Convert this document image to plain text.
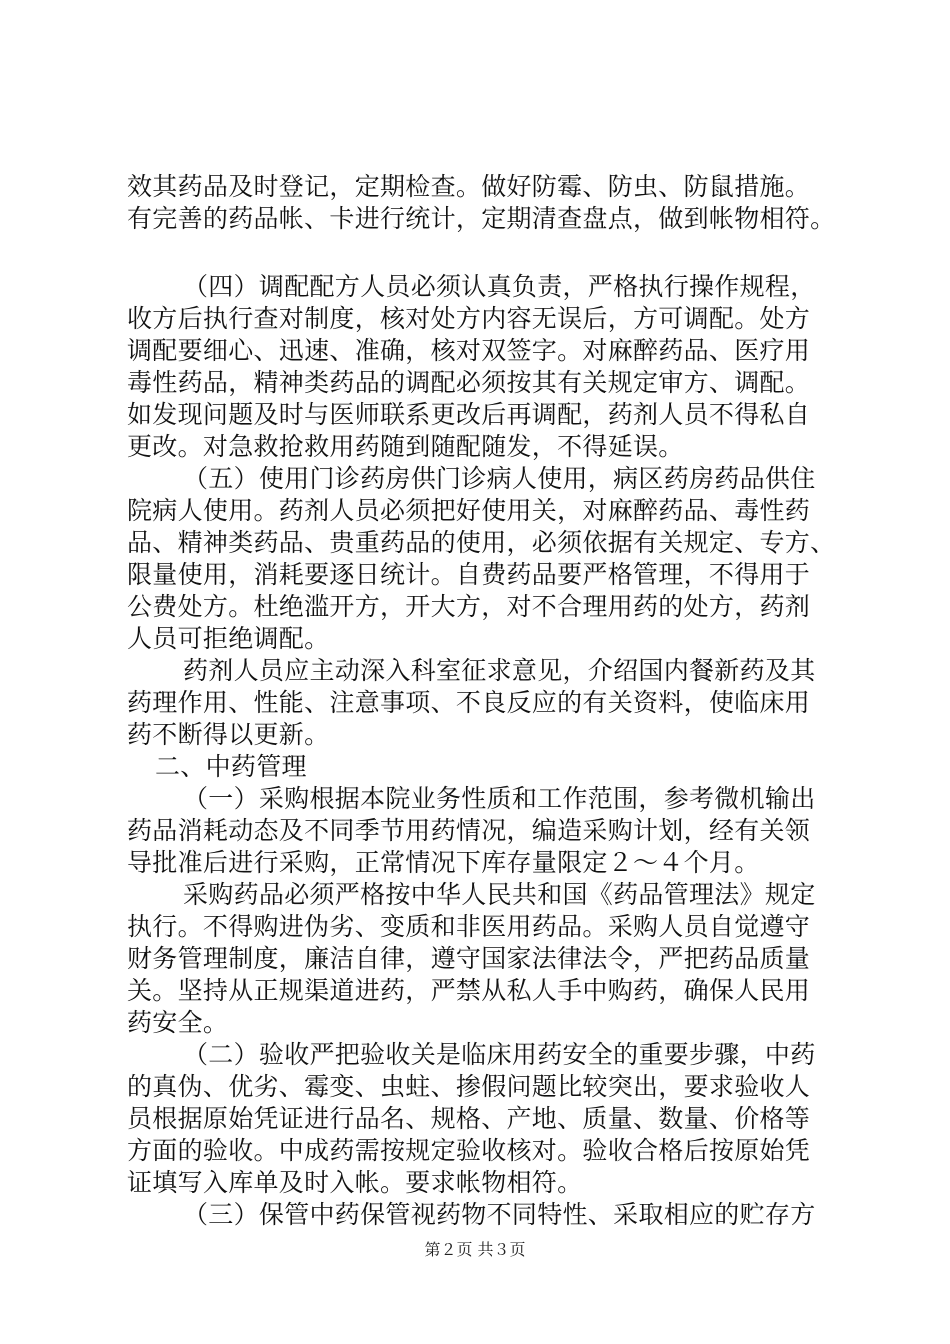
效其药品及时登记，定期检查。做好防霉、防虫、防鼠措施。
有完善的药品帐、卡进行统计，定期清查盘点，做到帐物相符。
（四）调配配方人员必须认真负责，严格执行操作规程，
收方后执行查对制度，核对处方内容无误后，方可调配。处方
调配要细心、迅速、准确，核对双签字。对麻醉药品、医疗用
毒性药品，精神类药品的调配必须按其有关规定审方、调配。
如发现问题及时与医师联系更改后再调配，药剂人员不得私自
更改。对急救抢救用药随到随配随发，不得延误。
（五）使用门诊药房供门诊病人使用，病区药房药品供住
院病人使用。药剂人员必须把好使用关，对麻醉药品、毒性药
品、精神类药品、贵重药品的使用，必须依据有关规定、专方、
限量使用，消耗要逐日统计。自费药品要严格管理，不得用于
公费处方。杜绝滥开方，开大方，对不合理用药的处方，药剂
人员可拒绝调配。
药剂人员应主动深入科室征求意见，介绍国内餐新药及其
药理作用、性能、注意事项、不良反应的有关资料，使临床用
药不断得以更新。
二、中药管理
（一）采购根据本院业务性质和工作范围，参考微机输出
药品消耗动态及不同季节用药情况，编造采购计划，经有关领
导批准后进行采购，正常情况下库存量限定２～４个月。
采购药品必须严格按中华人民共和国《药品管理法》规定
执行。不得购进伪劣、变质和非医用药品。采购人员自觉遵守
财务管理制度，廉洁自律，遵守国家法律法令，严把药品质量
关。坚持从正规渠道进药，严禁从私人手中购药，确保人民用
药安全。
（二）验收严把验收关是临床用药安全的重要步骤，中药
的真伪、优劣、霉变、虫蛀、掺假问题比较突出，要求验收人
员根据原始凭证进行品名、规格、产地、质量、数量、价格等
方面的验收。中成药需按规定验收核对。验收合格后按原始凭
证填写入库单及时入帐。要求帐物相符。
（三）保管中药保管视药物不同特性、采取相应的贮存方
第２页 共３页
